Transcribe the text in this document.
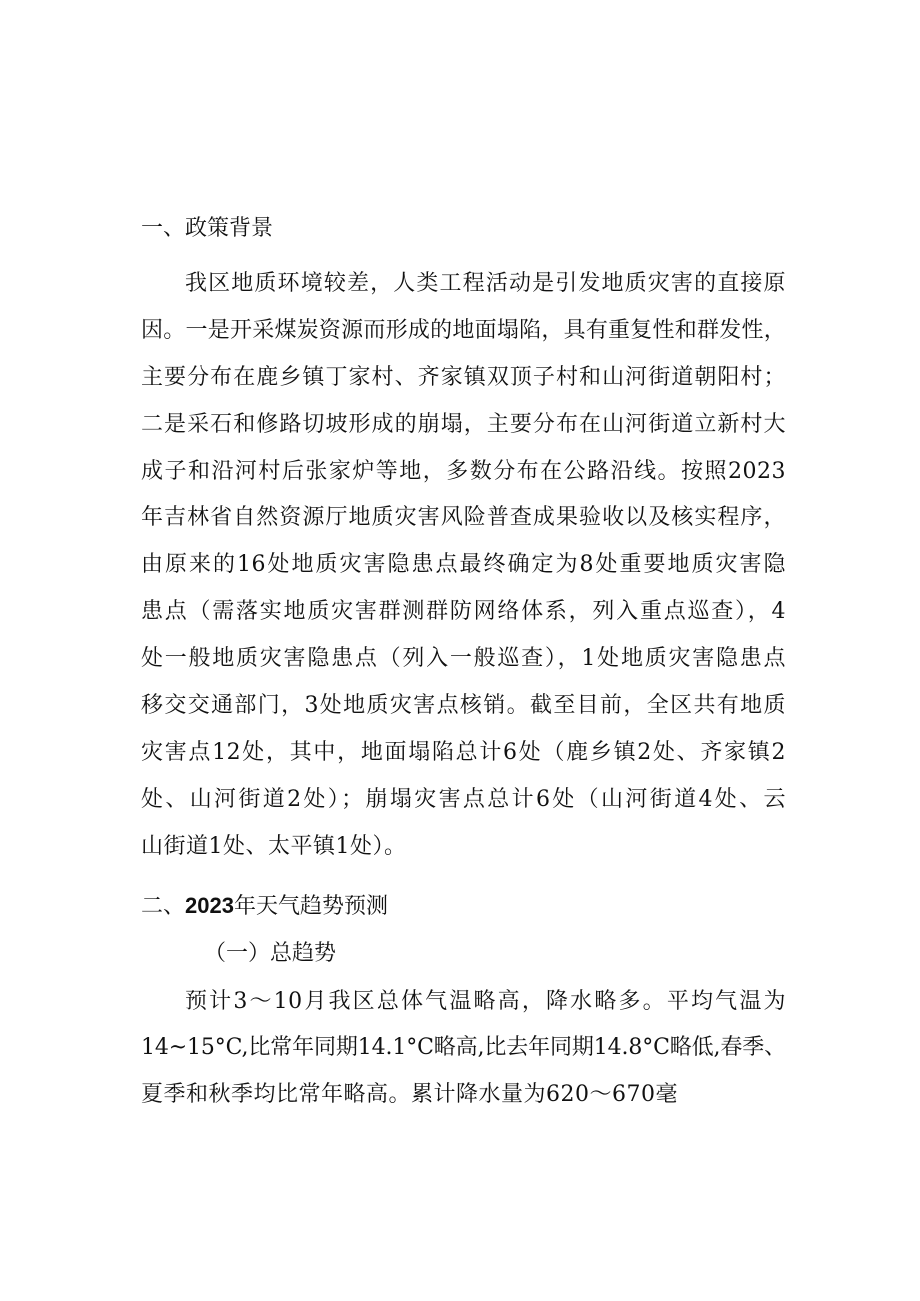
一、政策背景
我区地质环境较差，人类工程活动是引发地质灾害的直接原
因。一是开采煤炭资源而形成的地面塌陷，具有重复性和群发性，
主要分布在鹿乡镇丁家村、齐家镇双顶子村和山河街道朝阳村；
二是采石和修路切坡形成的崩塌，主要分布在山河街道立新村大
成子和沿河村后张家炉等地，多数分布在公路沿线。按照2023
年吉林省自然资源厅地质灾害风险普查成果验收以及核实程序，
由原来的16处地质灾害隐患点最终确定为8处重要地质灾害隐
患点（需落实地质灾害群测群防网络体系，列入重点巡查），4
处一般地质灾害隐患点（列入一般巡查），1处地质灾害隐患点
移交交通部门，3处地质灾害点核销。截至目前，全区共有地质
灾害点12处，其中，地面塌陷总计6处（鹿乡镇2处、齐家镇2
处、山河街道2处）；崩塌灾害点总计6处（山河街道4处、云
山街道1处、太平镇1处）。
二、2023年天气趋势预测
（一）总趋势
预计3～10月我区总体气温略高，降水略多。平均气温为
14~15°C,比常年同期14.1°C略高,比去年同期14.8°C略低,春季、
夏季和秋季均比常年略高。累计降水量为620～670毫
